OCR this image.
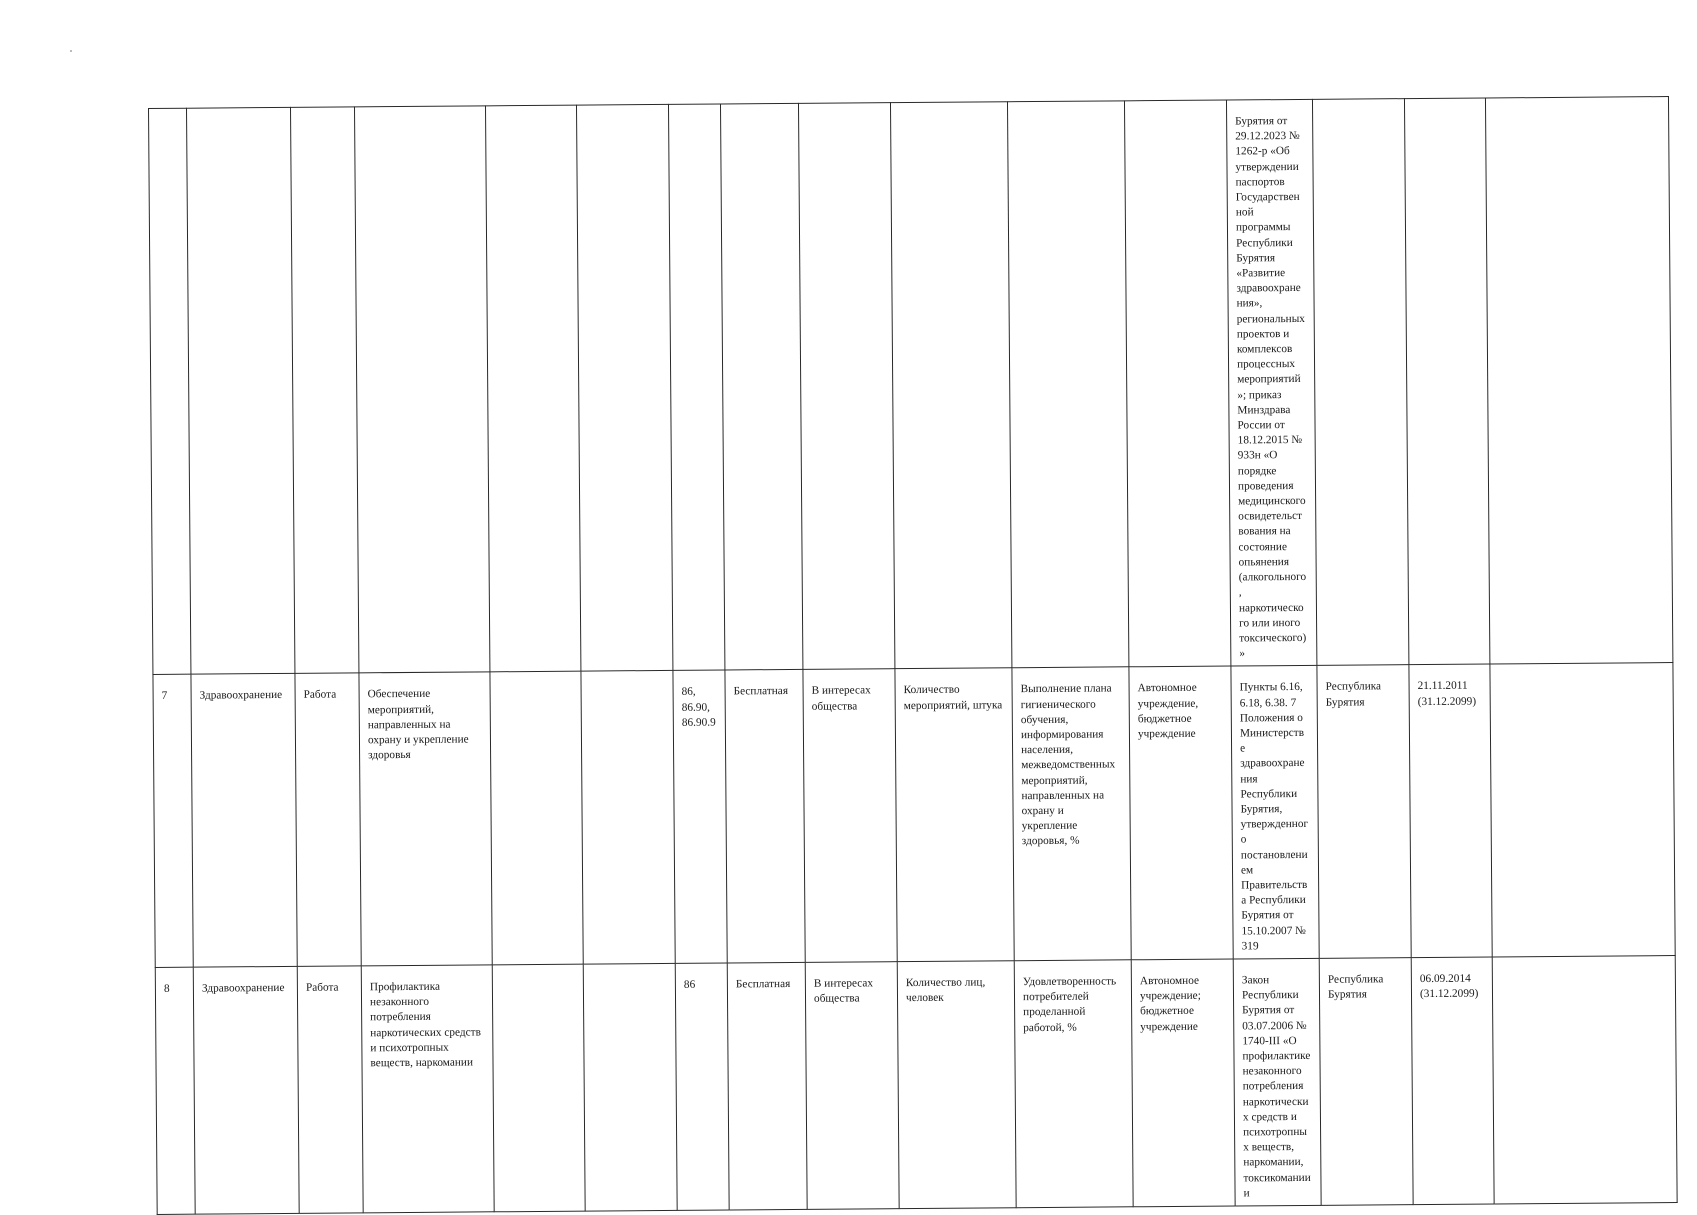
												Бурятия от 29.12.2023 № 1262-р «Об утверждении паспортов Государственной программы Республики Бурятия «Развитие здравоохранения», региональных проектов и комплексов процессных мероприятий»; приказ Минздрава России от 18.12.2015 № 933н «О порядке проведения медицинского освидетельствования на состояние опьянения (алкогольного, наркотического или иного токсического)»			
7	Здравоохранение	Работа	Обеспечение мероприятий, направленных на охрану и укрепление здоровья			86, 86.90, 86.90.9	Бесплатная	В интересах общества	Количество мероприятий, штука	Выполнение плана гигиенического обучения, информирования населения, межведомственных мероприятий, направленных на охрану и укрепление здоровья, %	Автономное учреждение, бюджетное учреждение	Пункты 6.16, 6.18, 6.38. 7 Положения о Министерстве здравоохранения Республики Бурятия, утвержденного постановлением Правительства Республики Бурятия от 15.10.2007 № 319	Республика Бурятия	21.11.2011 (31.12.2099)	
8	Здравоохранение	Работа	Профилактика незаконного потребления наркотических средств и психотропных веществ, наркомании			86	Бесплатная	В интересах общества	Количество лиц, человек	Удовлетворенность потребителей проделанной работой, %	Автономное учреждение; бюджетное учреждение	Закон Республики Бурятия от 03.07.2006 № 1740-III «О профилактике незаконного потребления наркотических средств и психотропных веществ, наркомании, токсикомании и	Республика Бурятия	06.09.2014 (31.12.2099)	
